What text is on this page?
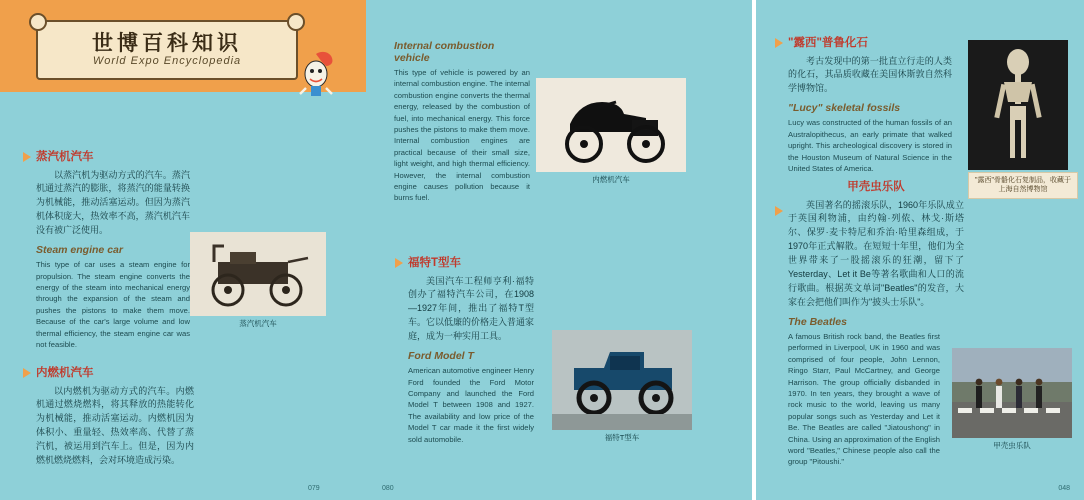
世博百科知识
World Expo Encyclopedia
蒸汽机汽车
以蒸汽机为驱动方式的汽车。蒸汽机通过蒸汽的膨胀，将蒸汽的能量转换为机械能，推动活塞运动。但因为蒸汽机体积庞大，热效率不高，蒸汽机汽车没有被广泛使用。
Steam engine car
This type of car uses a steam engine for propulsion. The steam engine converts the energy of the steam into mechanical energy through the expansion of the steam and pushes the pistons to make them move. Because of the car's large volume and low thermal efficiency, the steam engine car was not feasible.
蒸汽机汽车
内燃机汽车
以内燃机为驱动方式的汽车。内燃机通过燃烧燃料，将其释放的热能转化为机械能，推动活塞运动。内燃机因为体积小、重量轻、热效率高、代替了蒸汽机，被运用到汽车上。但是，因为内燃机燃烧燃料，会对环境造成污染。
079
Internal combustion vehicle
This type of vehicle is powered by an internal combustion engine. The internal combustion engine converts the thermal energy, released by the combustion of fuel, into mechanical energy. This force pushes the pistons to make them move. Internal combustion engines are practical because of their small size, light weight, and high thermal efficiency. However, the internal combustion engine causes pollution because it burns fuel.
内燃机汽车
福特T型车
美国汽车工程师亨利·福特创办了福特汽车公司，在1908—1927年间，推出了福特T型车。它以低廉的价格走入普通家庭，成为一种实用工具。
Ford Model T
American automotive engineer Henry Ford founded the Ford Motor Company and launched the Ford Model T between 1908 and 1927. The availability and low price of the Model T car made it the first widely sold automobile.	福特T型车
080
"露西"普鲁化石
考古发现中的第一批直立行走的人类的化石，其品质收藏在美国休斯敦自然科学博物馆。
"Lucy" skeletal fossils
Lucy was constructed of the human fossils of an Australopithecus, an early primate that walked upright. This archeological discovery is stored in the Houston Museum of Natural Science in the United States of America.
"露西"骨骼化石复制品，收藏于上海自然博物馆
甲壳虫乐队
英国著名的摇滚乐队，1960年乐队成立于英国利物浦，由约翰·列侬、林戈·斯塔尔、保罗·麦卡特尼和乔治·哈里森组成，于1970年正式解散。在短短十年里，他们为全世界带来了一股摇滚乐的狂潮，留下了Yesterday、Let it Be等著名歌曲和人口的流行歌曲。根据英文单词"Beatles"的发音，大家在会把他们叫作为"披头士乐队"。
The Beatles
A famous British rock band, the Beatles first performed in Liverpool, UK in 1960 and was comprised of four people, John Lennon, Ringo Starr, Paul McCartney, and George Harrison. The group officially disbanded in 1970. In ten years, they brought a wave of rock music to the world, leaving us many popular songs such as Yesterday and Let it Be. The Beatles are called "Jiatoushong" in China. Using an approximation of the English word "Beatles," Chinese people also call the group "Pitoushi."
甲壳虫乐队
048
